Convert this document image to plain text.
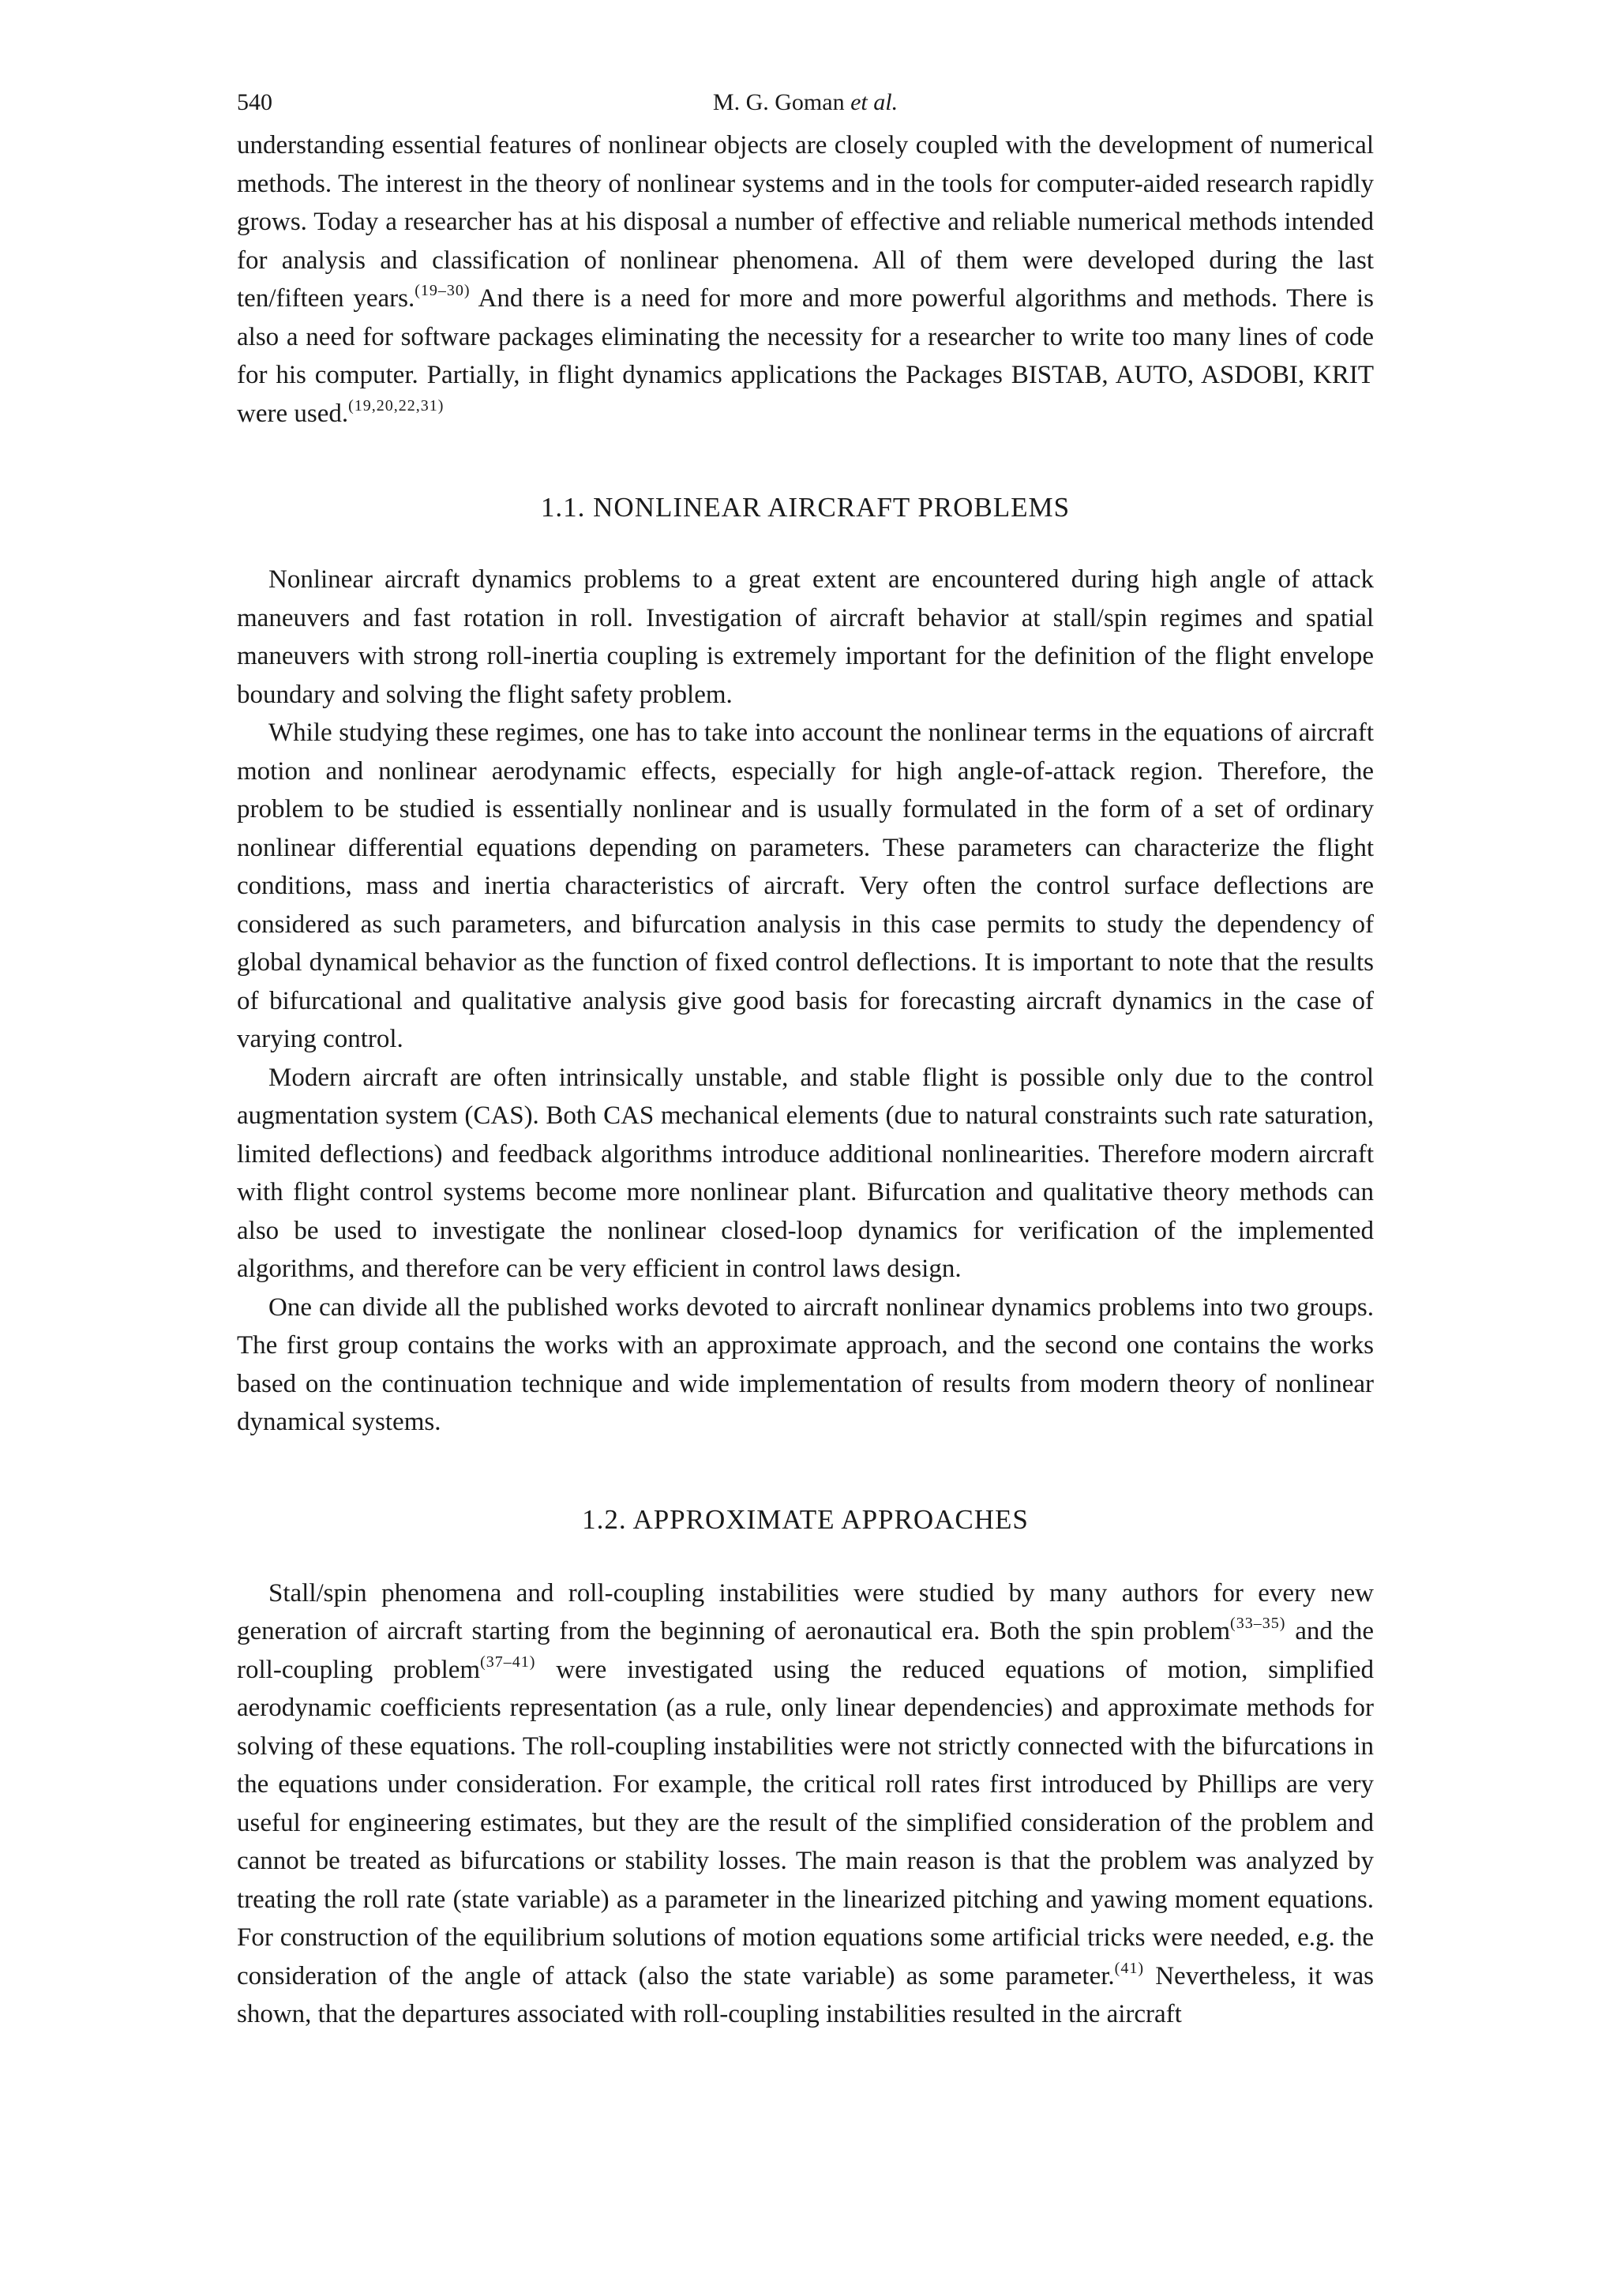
540	M. G. Goman et al.

understanding essential features of nonlinear objects are closely coupled with the development of numerical methods. The interest in the theory of nonlinear systems and in the tools for computer-aided research rapidly grows. Today a researcher has at his disposal a number of effective and reliable numerical methods intended for analysis and classification of nonlinear phenomena. All of them were developed during the last ten/fifteen years.$^{(19-30)}$ And there is a need for more and more powerful algorithms and methods. There is also a need for software packages eliminating the necessity for a researcher to write too many lines of code for his computer. Partially, in flight dynamics applications the Packages BISTAB, AUTO, ASDOBI, KRIT were used.$^{(19,20,22,31)}$

1.1. NONLINEAR AIRCRAFT PROBLEMS

Nonlinear aircraft dynamics problems to a great extent are encountered during high angle of attack maneuvers and fast rotation in roll. Investigation of aircraft behavior at stall/spin regimes and spatial maneuvers with strong roll-inertia coupling is extremely important for the definition of the flight envelope boundary and solving the flight safety problem.

While studying these regimes, one has to take into account the nonlinear terms in the equations of aircraft motion and nonlinear aerodynamic effects, especially for high angle-of-attack region. Therefore, the problem to be studied is essentially nonlinear and is usually formulated in the form of a set of ordinary nonlinear differential equations depending on parameters. These parameters can characterize the flight conditions, mass and inertia characteristics of aircraft. Very often the control surface deflections are considered as such parameters, and bifurcation analysis in this case permits to study the dependency of global dynamical behavior as the function of fixed control deflections. It is important to note that the results of bifurcational and qualitative analysis give good basis for forecasting aircraft dynamics in the case of varying control.

Modern aircraft are often intrinsically unstable, and stable flight is possible only due to the control augmentation system (CAS). Both CAS mechanical elements (due to natural constraints such rate saturation, limited deflections) and feedback algorithms introduce additional nonlinearities. Therefore modern aircraft with flight control systems become more nonlinear plant. Bifurcation and qualitative theory methods can also be used to investigate the nonlinear closed-loop dynamics for verification of the implemented algorithms, and therefore can be very efficient in control laws design.

One can divide all the published works devoted to aircraft nonlinear dynamics problems into two groups. The first group contains the works with an approximate approach, and the second one contains the works based on the continuation technique and wide implementation of results from modern theory of nonlinear dynamical systems.

1.2. APPROXIMATE APPROACHES

Stall/spin phenomena and roll-coupling instabilities were studied by many authors for every new generation of aircraft starting from the beginning of aeronautical era. Both the spin problem$^{(33-35)}$ and the roll-coupling problem$^{(37-41)}$ were investigated using the reduced equations of motion, simplified aerodynamic coefficients representation (as a rule, only linear dependencies) and approximate methods for solving of these equations. The roll-coupling instabilities were not strictly connected with the bifurcations in the equations under consideration. For example, the critical roll rates first introduced by Phillips are very useful for engineering estimates, but they are the result of the simplified consideration of the problem and cannot be treated as bifurcations or stability losses. The main reason is that the problem was analyzed by treating the roll rate (state variable) as a parameter in the linearized pitching and yawing moment equations. For construction of the equilibrium solutions of motion equations some artificial tricks were needed, e.g. the consideration of the angle of attack (also the state variable) as some parameter.$^{(41)}$ Nevertheless, it was shown, that the departures associated with roll-coupling instabilities resulted in the aircraft
